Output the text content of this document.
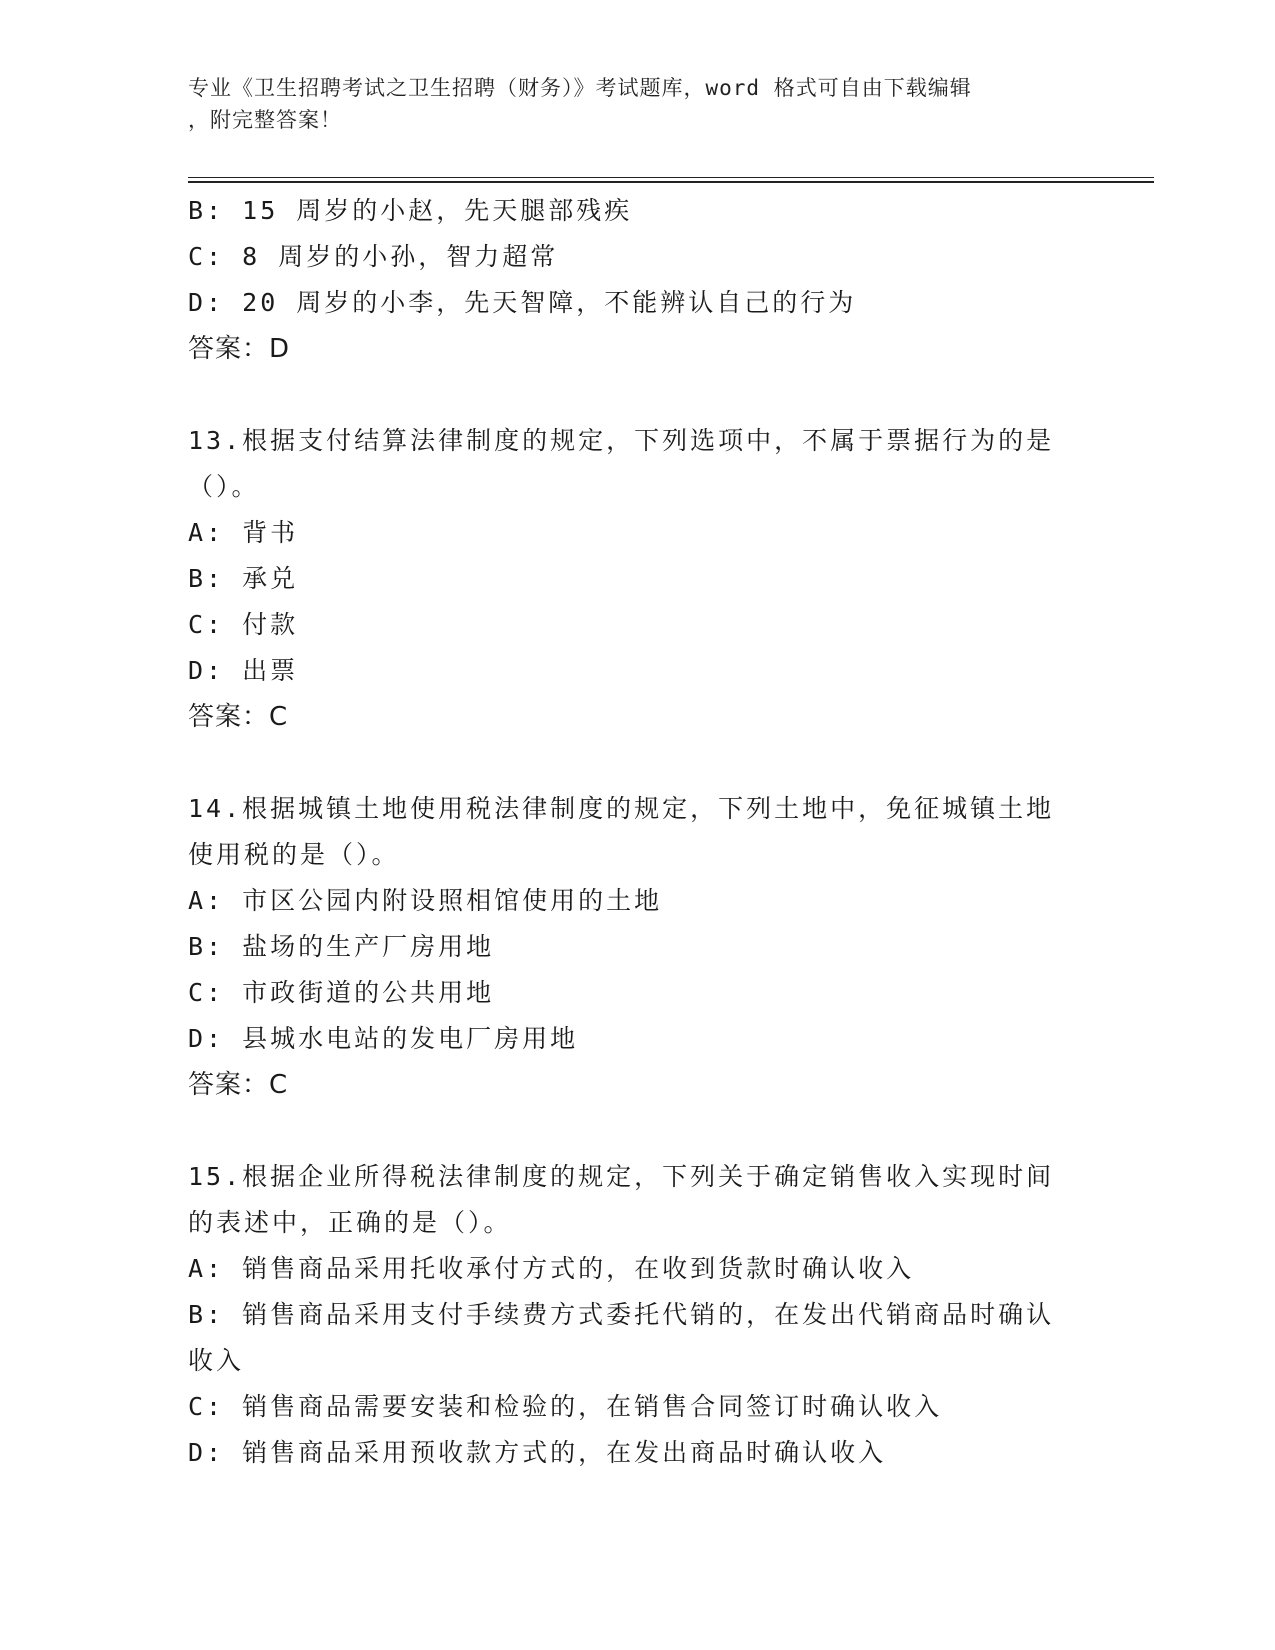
专业《卫生招聘考试之卫生招聘（财务）》考试题库，word 格式可自由下载编辑
，附完整答案！
B: 15 周岁的小赵，先天腿部残疾
C: 8 周岁的小孙，智力超常
D: 20 周岁的小李，先天智障，不能辨认自己的行为
答案：D
13.根据支付结算法律制度的规定，下列选项中，不属于票据行为的是
（）。
A: 背书
B: 承兑
C: 付款
D: 出票
答案：C
14.根据城镇土地使用税法律制度的规定，下列土地中，免征城镇土地
使用税的是（）。
A: 市区公园内附设照相馆使用的土地
B: 盐场的生产厂房用地
C: 市政街道的公共用地
D: 县城水电站的发电厂房用地
答案：C
15.根据企业所得税法律制度的规定，下列关于确定销售收入实现时间
的表述中，正确的是（）。
A: 销售商品采用托收承付方式的，在收到货款时确认收入
B: 销售商品采用支付手续费方式委托代销的，在发出代销商品时确认
收入
C: 销售商品需要安装和检验的，在销售合同签订时确认收入
D: 销售商品采用预收款方式的，在发出商品时确认收入
